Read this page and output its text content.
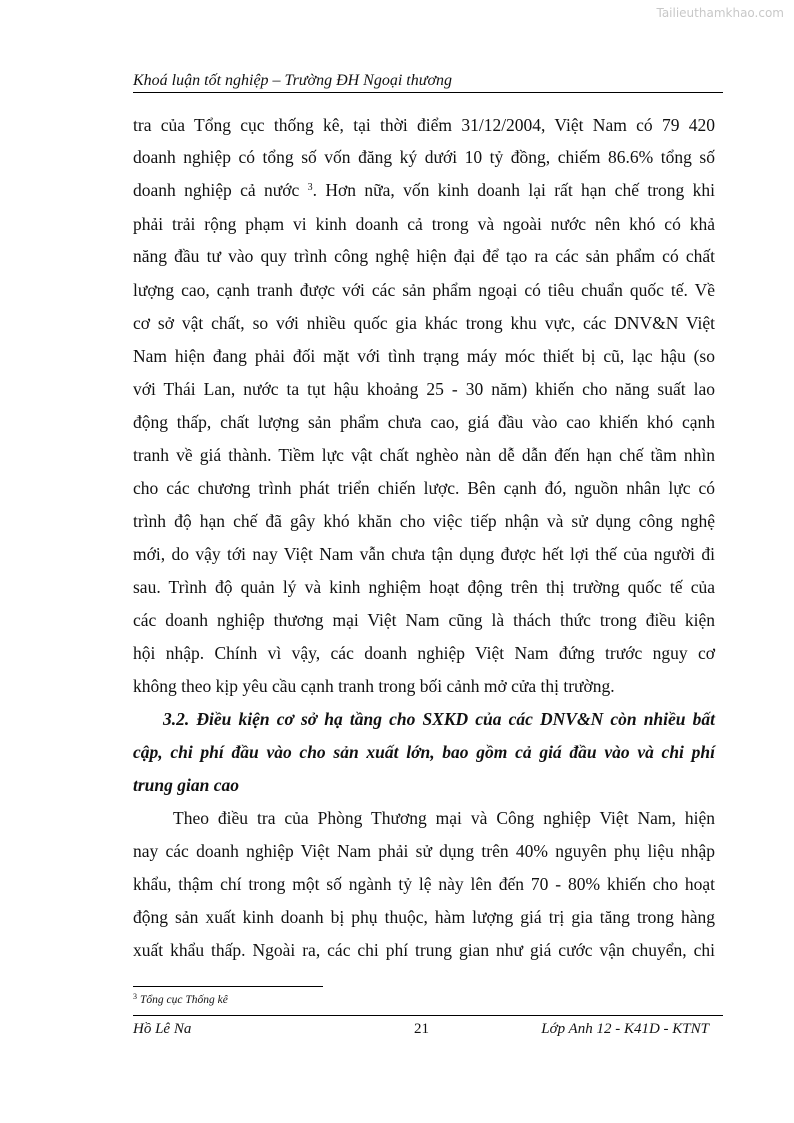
Tailieuthamkhao.com
Khoá luận tốt nghiệp – Trường ĐH Ngoại thương
tra của Tổng cục thống kê, tại thời điểm 31/12/2004, Việt Nam có 79 420
doanh nghiệp có tổng số vốn đăng ký dưới 10 tỷ đồng, chiếm 86.6% tổng số
doanh nghiệp cả nước $^3$. Hơn nữa, vốn kinh doanh lại rất hạn chế trong khi
phải trải rộng phạm vi kinh doanh cả trong và ngoài nước nên khó có khả
năng đầu tư vào quy trình công nghệ hiện đại để tạo ra các sản phẩm có chất
lượng cao, cạnh tranh được với các sản phẩm ngoại có tiêu chuẩn quốc tế. Về
cơ sở vật chất, so với nhiều quốc gia khác trong khu vực, các DNV&N Việt
Nam hiện đang phải đối mặt với tình trạng máy móc thiết bị cũ, lạc hậu (so
với Thái Lan, nước ta tụt hậu khoảng 25 - 30 năm) khiến cho năng suất lao
động thấp, chất lượng sản phẩm chưa cao, giá đầu vào cao khiến khó cạnh
tranh về giá thành. Tiềm lực vật chất nghèo nàn dễ dẫn đến hạn chế tầm nhìn
cho các chương trình phát triển chiến lược. Bên cạnh đó, nguồn nhân lực có
trình độ hạn chế đã gây khó khăn cho việc tiếp nhận và sử dụng công nghệ
mới, do vậy tới nay Việt Nam vẫn chưa tận dụng được hết lợi thế của người đi
sau. Trình độ quản lý và kinh nghiệm hoạt động trên thị trường quốc tế của
các doanh nghiệp thương mại Việt Nam cũng là thách thức trong điều kiện
hội nhập. Chính vì vậy, các doanh nghiệp Việt Nam đứng trước nguy cơ
không theo kịp yêu cầu cạnh tranh trong bối cảnh mở cửa thị trường.
3.2. Điều kiện cơ sở hạ tầng cho SXKD của các DNV&N còn nhiều bất
cập, chi phí đầu vào cho sản xuất lớn, bao gồm cả giá đầu vào và chi phí
trung gian cao
Theo điều tra của Phòng Thương mại và Công nghiệp Việt Nam, hiện
nay các doanh nghiệp Việt Nam phải sử dụng trên 40% nguyên phụ liệu nhập
khẩu, thậm chí trong một số ngành tỷ lệ này lên đến 70 - 80% khiến cho hoạt
động sản xuất kinh doanh bị phụ thuộc, hàm lượng giá trị gia tăng trong hàng
xuất khẩu thấp. Ngoài ra, các chi phí trung gian như giá cước vận chuyển, chi
$^3$ Tổng cục Thống kê
Hồ Lê Na	21	Lớp Anh 12 - K41D - KTNT
